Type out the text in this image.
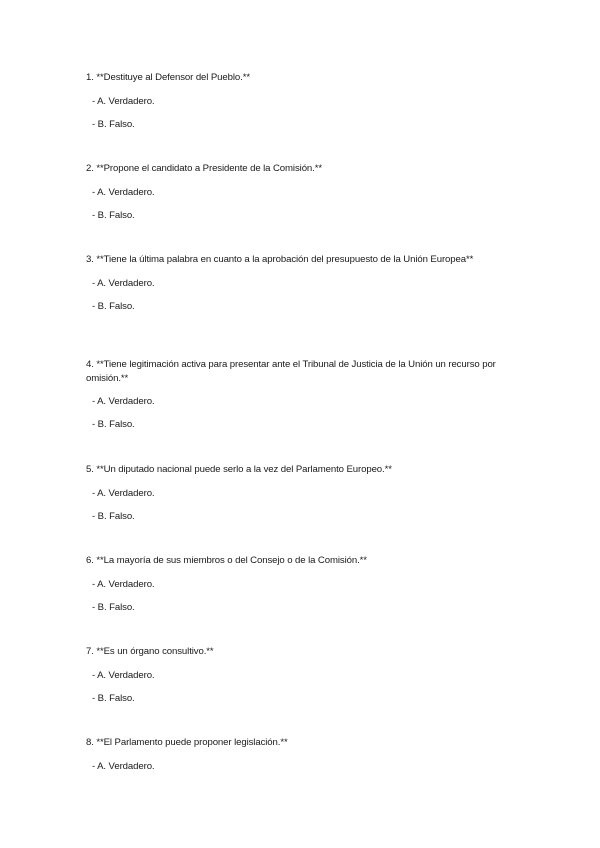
1. **Destituye al Defensor del Pueblo.**

- A. Verdadero.
- B. Falso.

2. **Propone el candidato a Presidente de la Comisión.**

- A. Verdadero.
- B. Falso.

3. **Tiene la última palabra en cuanto a la aprobación del presupuesto de la Unión Europea**

- A. Verdadero.
- B. Falso.

4. **Tiene legitimación activa para presentar ante el Tribunal de Justicia de la Unión un recurso por omisión.**

- A. Verdadero.
- B. Falso.

5. **Un diputado nacional puede serlo a la vez del Parlamento Europeo.**

- A. Verdadero.
- B. Falso.

6. **La mayoría de sus miembros o del Consejo o de la Comisión.**

- A. Verdadero.
- B. Falso.

7. **Es un órgano consultivo.**

- A. Verdadero.
- B. Falso.

8. **El Parlamento puede proponer legislación.**

- A. Verdadero.
